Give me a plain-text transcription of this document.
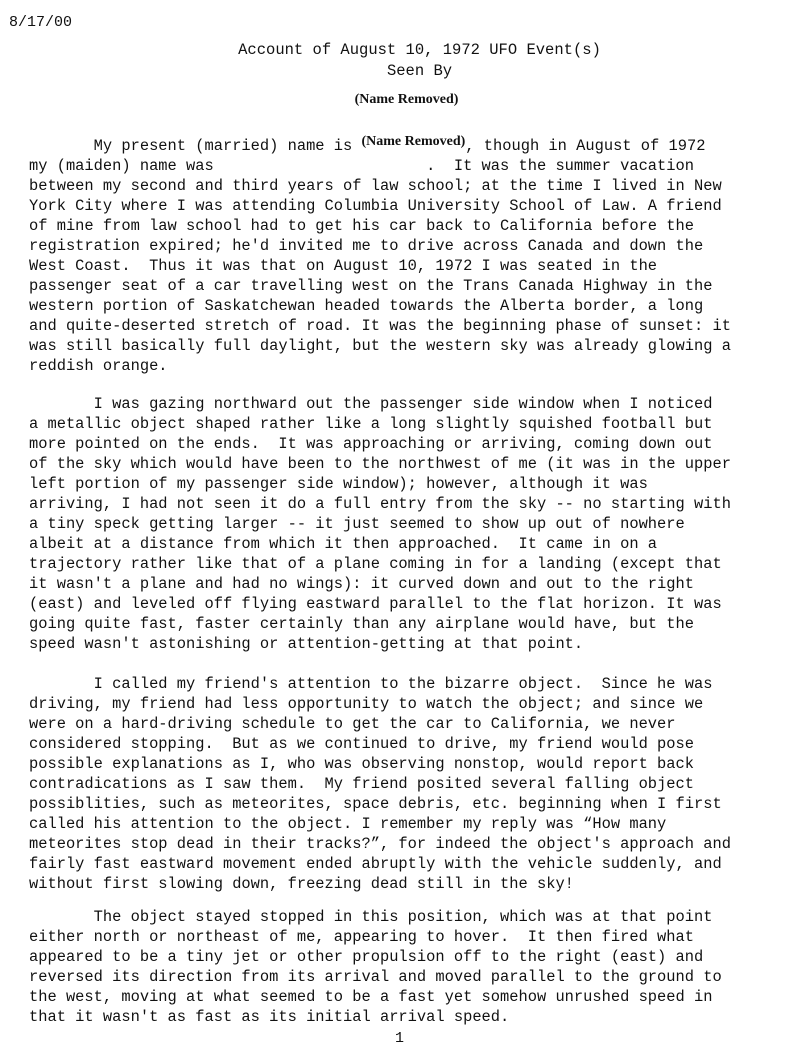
8/17/00
Account of August 10, 1972 UFO Event(s)
Seen By
(Name Removed)
My present (married) name is (Name Removed), though in August of 1972
my (maiden) name was                       .  It was the summer vacation
between my second and third years of law school; at the time I lived in New
York City where I was attending Columbia University School of Law. A friend
of mine from law school had to get his car back to California before the
registration expired; he'd invited me to drive across Canada and down the
West Coast.  Thus it was that on August 10, 1972 I was seated in the
passenger seat of a car travelling west on the Trans Canada Highway in the
western portion of Saskatchewan headed towards the Alberta border, a long
and quite-deserted stretch of road. It was the beginning phase of sunset: it
was still basically full daylight, but the western sky was already glowing a
reddish orange.
I was gazing northward out the passenger side window when I noticed
a metallic object shaped rather like a long slightly squished football but
more pointed on the ends.  It was approaching or arriving, coming down out
of the sky which would have been to the northwest of me (it was in the upper
left portion of my passenger side window); however, although it was
arriving, I had not seen it do a full entry from the sky -- no starting with
a tiny speck getting larger -- it just seemed to show up out of nowhere
albeit at a distance from which it then approached.  It came in on a
trajectory rather like that of a plane coming in for a landing (except that
it wasn't a plane and had no wings): it curved down and out to the right
(east) and leveled off flying eastward parallel to the flat horizon. It was
going quite fast, faster certainly than any airplane would have, but the
speed wasn't astonishing or attention-getting at that point.
I called my friend's attention to the bizarre object.  Since he was
driving, my friend had less opportunity to watch the object; and since we
were on a hard-driving schedule to get the car to California, we never
considered stopping.  But as we continued to drive, my friend would pose
possible explanations as I, who was observing nonstop, would report back
contradications as I saw them.  My friend posited several falling object
possiblities, such as meteorites, space debris, etc. beginning when I first
called his attention to the object. I remember my reply was “How many
meteorites stop dead in their tracks?”, for indeed the object's approach and
fairly fast eastward movement ended abruptly with the vehicle suddenly, and
without first slowing down, freezing dead still in the sky!
The object stayed stopped in this position, which was at that point
either north or northeast of me, appearing to hover.  It then fired what
appeared to be a tiny jet or other propulsion off to the right (east) and
reversed its direction from its arrival and moved parallel to the ground to
the west, moving at what seemed to be a fast yet somehow unrushed speed in
that it wasn't as fast as its initial arrival speed.
1
